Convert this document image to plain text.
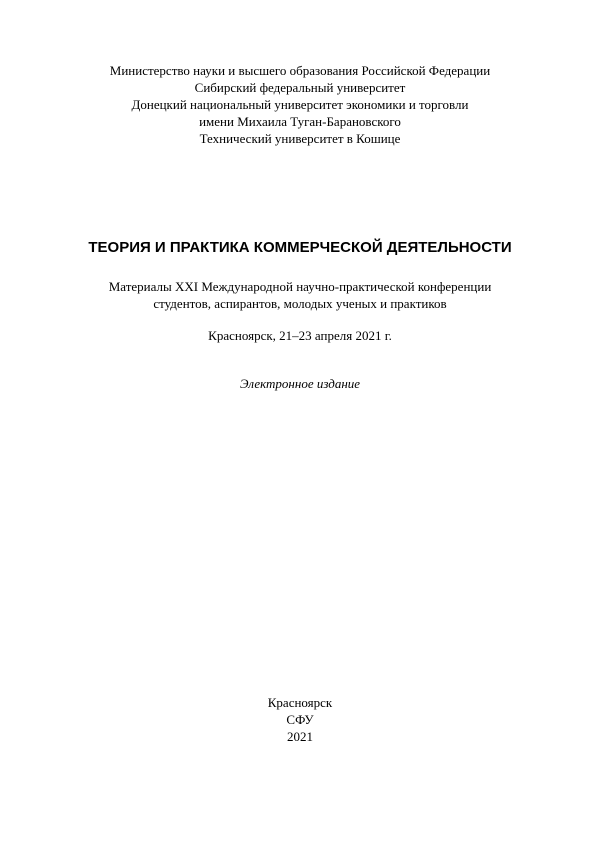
Министерство науки и высшего образования Российской Федерации
Сибирский федеральный университет
Донецкий национальный университет экономики и торговли
имени Михаила Туган-Барановского
Технический университет в Кошице
ТЕОРИЯ И ПРАКТИКА КОММЕРЧЕСКОЙ ДЕЯТЕЛЬНОСТИ
Материалы XXI Международной научно-практической конференции
студентов, аспирантов, молодых ученых и практиков
Красноярск, 21–23 апреля 2021 г.
Электронное издание
Красноярск
СФУ
2021
